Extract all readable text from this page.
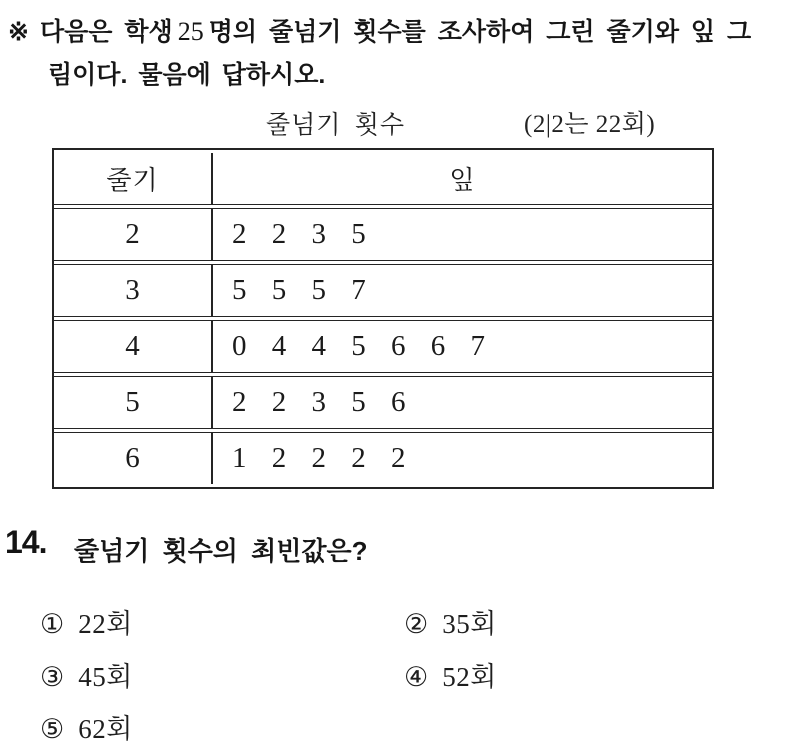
※ 다음은 학생 25 명의 줄넘기 횟수를 조사하여 그린 줄기와 잎 그
림이다. 물음에 답하시오.
줄넘기 횟수	(2|2는 22회)
줄기	잎
2	2 2 3 5
3	5 5 5 7
4	0 4 4 5 6 6 7
5	2 2 3 5 6
6	1 2 2 2 2
14. 줄넘기 횟수의 최빈값은?
① 22회	② 35회
③ 45회	④ 52회
⑤ 62회
